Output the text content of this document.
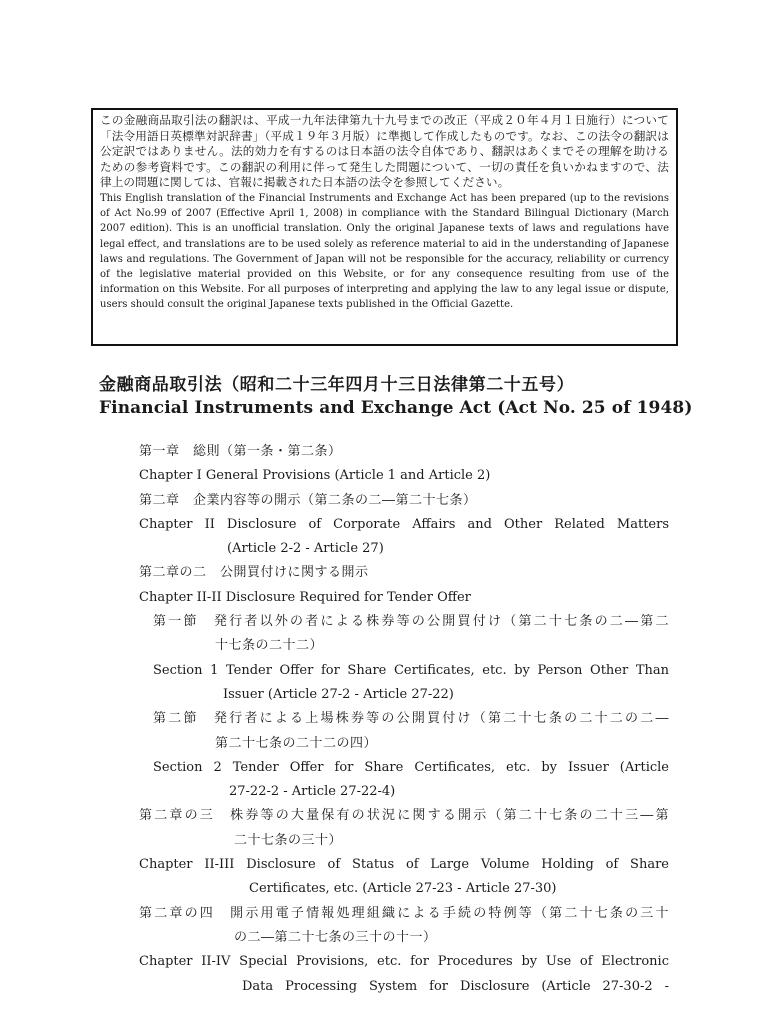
この金融商品取引法の翻訳は、平成一九年法律第九十九号までの改正（平成２０年４月１日施行）について「法令用語日英標準対訳辞書」（平成１９年３月版）に準拠して作成したものです。なお、この法令の翻訳は公定訳ではありません。法的効力を有するのは日本語の法令自体であり、翻訳はあくまでその理解を助けるための参考資料です。この翻訳の利用に伴って発生した問題について、一切の責任を負いかねますので、法律上の問題に関しては、官報に掲載された日本語の法令を参照してください。

This English translation of the Financial Instruments and Exchange Act has been prepared (up to the revisions of Act No.99 of 2007 (Effective April 1, 2008) in compliance with the Standard Bilingual Dictionary (March 2007 edition). This is an unofficial translation. Only the original Japanese texts of laws and regulations have legal effect, and translations are to be used solely as reference material to aid in the understanding of Japanese laws and regulations. The Government of Japan will not be responsible for the accuracy, reliability or currency of the legislative material provided on this Website, or for any consequence resulting from use of the information on this Website. For all purposes of interpreting and applying the law to any legal issue or dispute, users should consult the original Japanese texts published in the Official Gazette.

金融商品取引法（昭和二十三年四月十三日法律第二十五号）
Financial Instruments and Exchange Act (Act No. 25 of 1948)

第一章　総則（第一条・第二条）

Chapter I General Provisions (Article 1 and Article 2)

第二章　企業内容等の開示（第二条の二―第二十七条）

Chapter II Disclosure of Corporate Affairs and Other Related Matters

(Article 2-2 - Article 27)

第二章の二　公開買付けに関する開示

Chapter II-II Disclosure Required for Tender Offer

第一節　発行者以外の者による株券等の公開買付け（第二十七条の二―第二

十七条の二十二）

Section 1 Tender Offer for Share Certificates, etc. by Person Other Than

Issuer (Article 27-2 - Article 27-22)

第二節　発行者による上場株券等の公開買付け（第二十七条の二十二の二―

第二十七条の二十二の四）

Section 2 Tender Offer for Share Certificates, etc. by Issuer (Article

27-22-2 - Article 27-22-4)

第二章の三　株券等の大量保有の状況に関する開示（第二十七条の二十三―第

二十七条の三十）

Chapter II-III Disclosure of Status of Large Volume Holding of Share

Certificates, etc. (Article 27-23 - Article 27-30)

第二章の四　開示用電子情報処理組織による手続の特例等（第二十七条の三十

の二―第二十七条の三十の十一）

Chapter II-IV Special Provisions, etc. for Procedures by Use of Electronic

Data Processing System for Disclosure (Article 27-30-2 -
